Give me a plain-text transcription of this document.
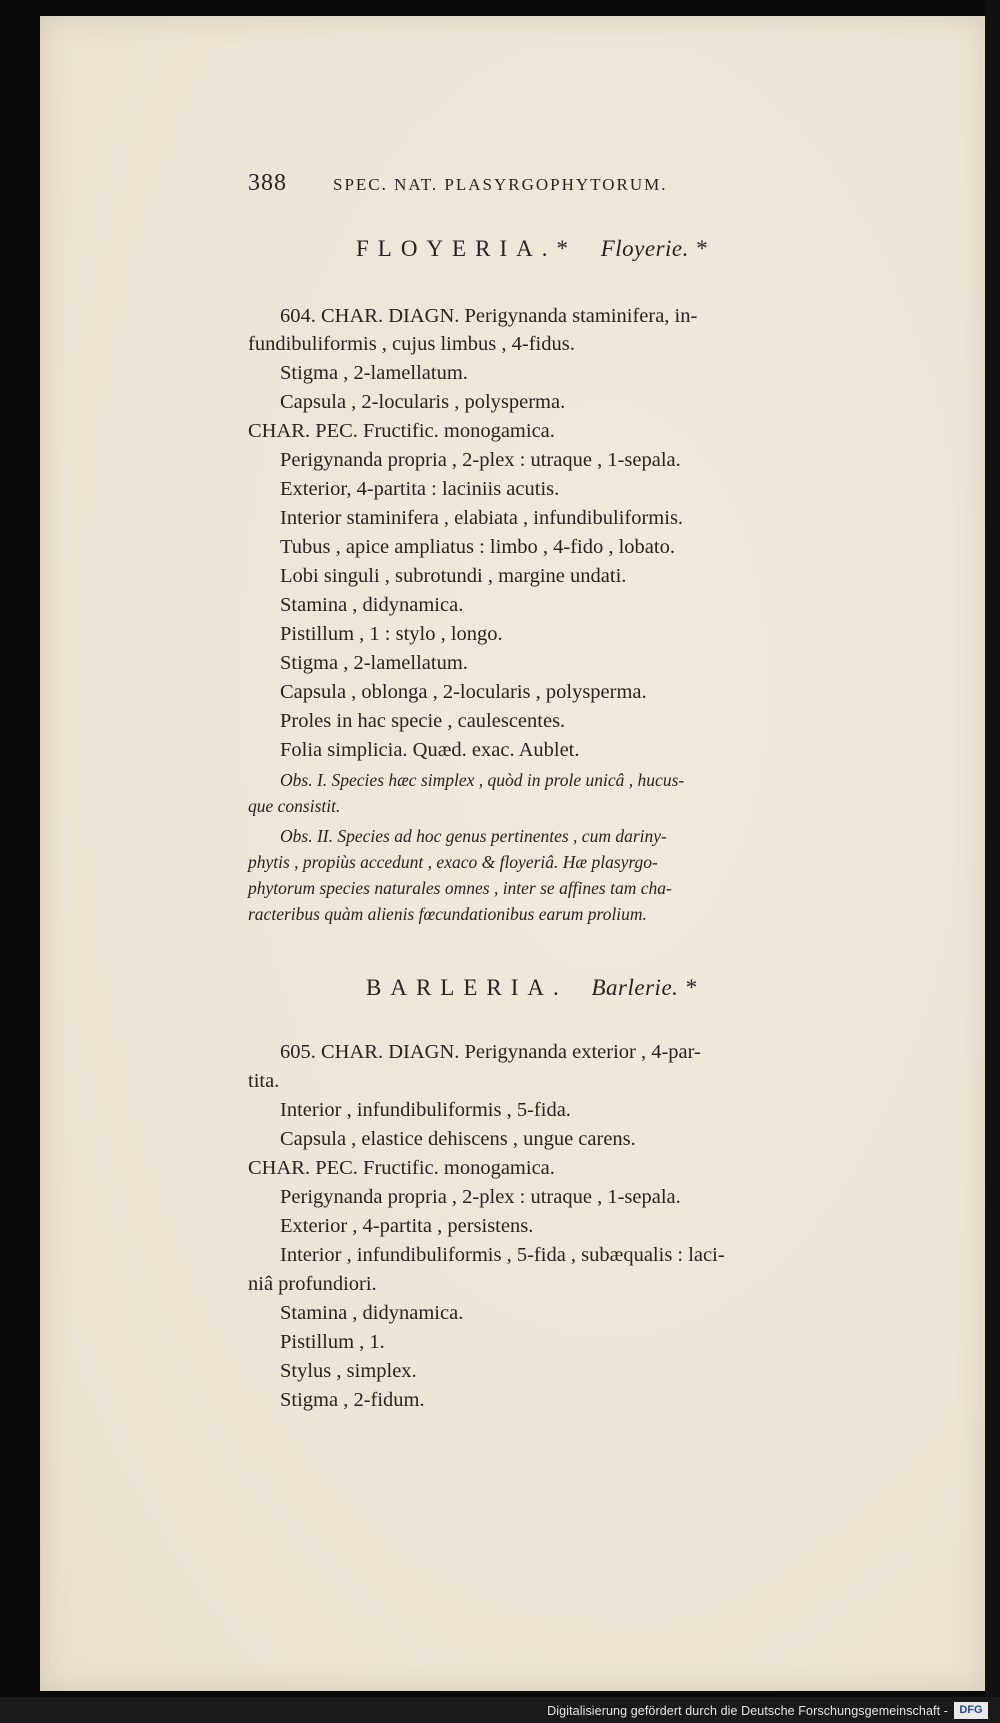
388	SPEC. NAT. PLASYRGOPHYTORUM.
FLOYERIA.* Floyerie. *
604. CHAR. DIAGN. Perigynanda staminifera, in-
fundibuliformis , cujus limbus , 4-fidus.
Stigma , 2-lamellatum.
Capsula , 2-locularis , polysperma.
CHAR. PEC. Fructific. monogamica.
Perigynanda propria , 2-plex : utraque , 1-sepala.
Exterior, 4-partita : laciniis acutis.
Interior staminifera , elabiata , infundibuliformis.
Tubus , apice ampliatus : limbo , 4-fido , lobato.
Lobi singuli , subrotundi , margine undati.
Stamina , didynamica.
Pistillum , 1 : stylo , longo.
Stigma , 2-lamellatum.
Capsula , oblonga , 2-locularis , polysperma.
Proles in hac specie , caulescentes.
Folia simplicia. Quæd. exac. Aublet.
Obs. I. Species hæc simplex , quòd in prole unicâ , hucus-
que consistit.
Obs. II. Species ad hoc genus pertinentes , cum dariny-
phytis , propiùs accedunt , exaco & floyeriâ. Hæ plasyrgo-
phytorum species naturales omnes , inter se affines tam cha-
racteribus quàm alienis fœcundationibus earum prolium.
BARLERIA. Barlerie. *
605. CHAR. DIAGN. Perigynanda exterior , 4-par-
tita.
Interior , infundibuliformis , 5-fida.
Capsula , elastice dehiscens , ungue carens.
CHAR. PEC. Fructific. monogamica.
Perigynanda propria , 2-plex : utraque , 1-sepala.
Exterior , 4-partita , persistens.
Interior , infundibuliformis , 5-fida , subæqualis : laci-
niâ profundiori.
Stamina , didynamica.
Pistillum , 1.
Stylus , simplex.
Stigma , 2-fidum.
Digitalisierung gefördert durch die Deutsche Forschungsgemeinschaft -	DFG
